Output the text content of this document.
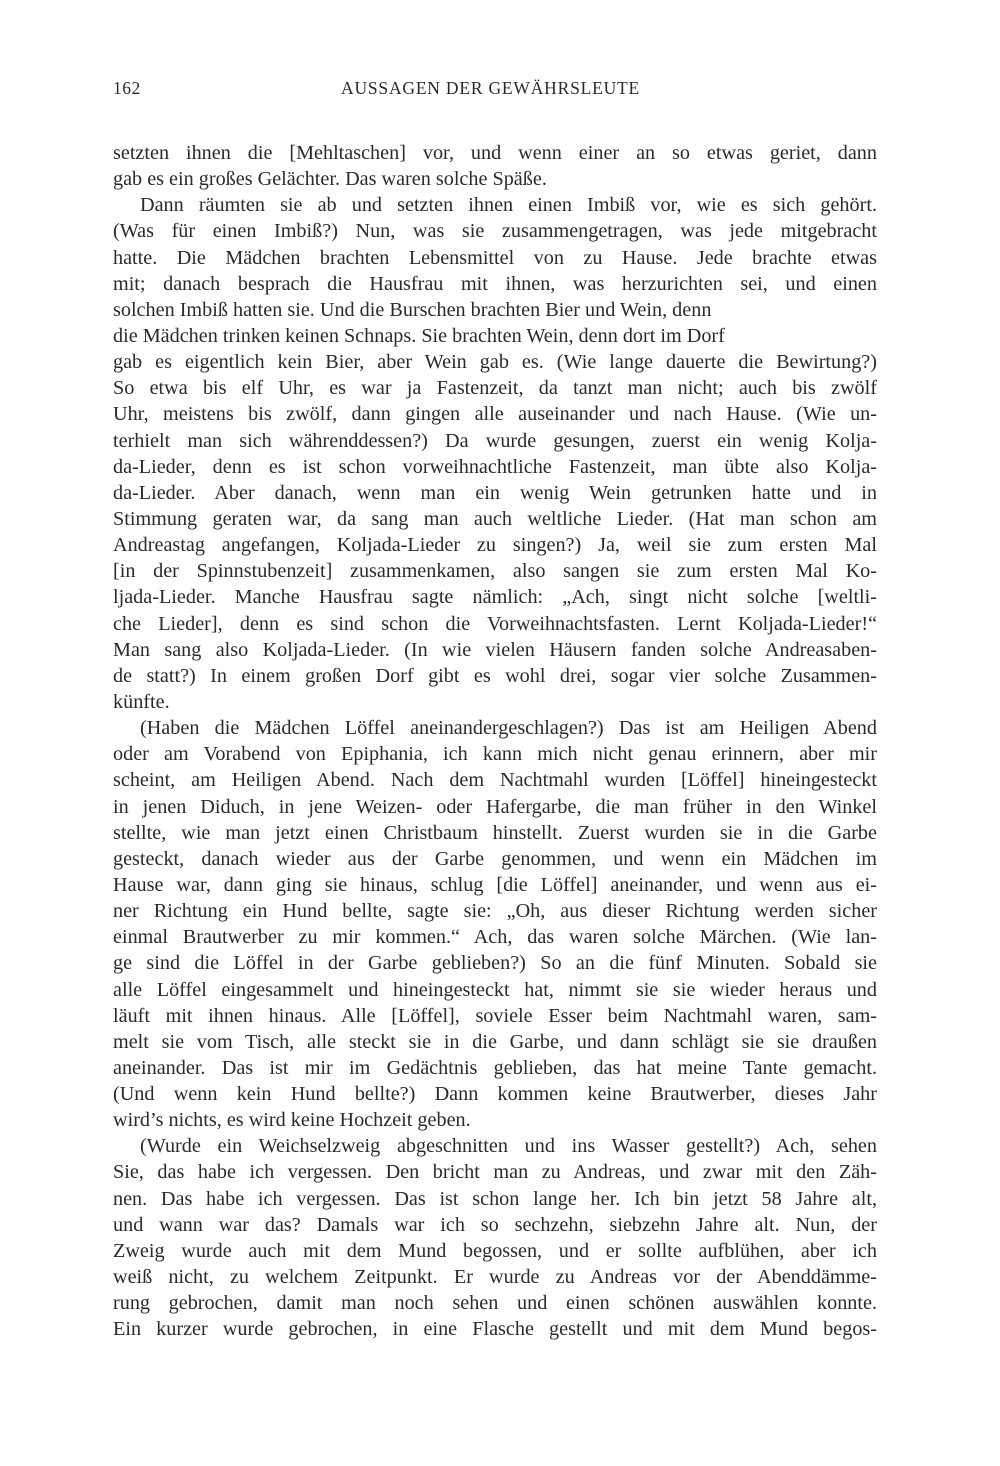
162	AUSSAGEN DER GEWÄHRSLEUTE
setzten ihnen die [Mehltaschen] vor, und wenn einer an so etwas geriet, dann
gab es ein großes Gelächter. Das waren solche Späße.
Dann räumten sie ab und setzten ihnen einen Imbiß vor, wie es sich gehört.
(Was für einen Imbiß?) Nun, was sie zusammengetragen, was jede mitgebracht
hatte. Die Mädchen brachten Lebensmittel von zu Hause. Jede brachte etwas
mit; danach besprach die Hausfrau mit ihnen, was herzurichten sei, und einen
solchen Imbiß hatten sie. Und die Burschen brachten Bier und Wein, denn
die Mädchen trinken keinen Schnaps. Sie brachten Wein, denn dort im Dorf
gab es eigentlich kein Bier, aber Wein gab es. (Wie lange dauerte die Bewirtung?)
So etwa bis elf Uhr, es war ja Fastenzeit, da tanzt man nicht; auch bis zwölf
Uhr, meistens bis zwölf, dann gingen alle auseinander und nach Hause. (Wie un-
terhielt man sich währenddessen?) Da wurde gesungen, zuerst ein wenig Kolja-
da-Lieder, denn es ist schon vorweihnachtliche Fastenzeit, man übte also Kolja-
da-Lieder. Aber danach, wenn man ein wenig Wein getrunken hatte und in
Stimmung geraten war, da sang man auch weltliche Lieder. (Hat man schon am
Andreastag angefangen, Koljada-Lieder zu singen?) Ja, weil sie zum ersten Mal
[in der Spinnstubenzeit] zusammenkamen, also sangen sie zum ersten Mal Ko-
ljada-Lieder. Manche Hausfrau sagte nämlich: „Ach, singt nicht solche [weltli-
che Lieder], denn es sind schon die Vorweihnachtsfasten. Lernt Koljada-Lieder!“
Man sang also Koljada-Lieder. (In wie vielen Häusern fanden solche Andreasaben-
de statt?) In einem großen Dorf gibt es wohl drei, sogar vier solche Zusammen-
künfte.
(Haben die Mädchen Löffel aneinandergeschlagen?) Das ist am Heiligen Abend
oder am Vorabend von Epiphania, ich kann mich nicht genau erinnern, aber mir
scheint, am Heiligen Abend. Nach dem Nachtmahl wurden [Löffel] hineingesteckt
in jenen Diduch, in jene Weizen- oder Hafergarbe, die man früher in den Winkel
stellte, wie man jetzt einen Christbaum hinstellt. Zuerst wurden sie in die Garbe
gesteckt, danach wieder aus der Garbe genommen, und wenn ein Mädchen im
Hause war, dann ging sie hinaus, schlug [die Löffel] aneinander, und wenn aus ei-
ner Richtung ein Hund bellte, sagte sie: „Oh, aus dieser Richtung werden sicher
einmal Brautwerber zu mir kommen.“ Ach, das waren solche Märchen. (Wie lan-
ge sind die Löffel in der Garbe geblieben?) So an die fünf Minuten. Sobald sie
alle Löffel eingesammelt und hineingesteckt hat, nimmt sie sie wieder heraus und
läuft mit ihnen hinaus. Alle [Löffel], soviele Esser beim Nachtmahl waren, sam-
melt sie vom Tisch, alle steckt sie in die Garbe, und dann schlägt sie sie draußen
aneinander. Das ist mir im Gedächtnis geblieben, das hat meine Tante gemacht.
(Und wenn kein Hund bellte?) Dann kommen keine Brautwerber, dieses Jahr
wird’s nichts, es wird keine Hochzeit geben.
(Wurde ein Weichselzweig abgeschnitten und ins Wasser gestellt?) Ach, sehen
Sie, das habe ich vergessen. Den bricht man zu Andreas, und zwar mit den Zäh-
nen. Das habe ich vergessen. Das ist schon lange her. Ich bin jetzt 58 Jahre alt,
und wann war das? Damals war ich so sechzehn, siebzehn Jahre alt. Nun, der
Zweig wurde auch mit dem Mund begossen, und er sollte aufblühen, aber ich
weiß nicht, zu welchem Zeitpunkt. Er wurde zu Andreas vor der Abenddämme-
rung gebrochen, damit man noch sehen und einen schönen auswählen konnte.
Ein kurzer wurde gebrochen, in eine Flasche gestellt und mit dem Mund begos-
